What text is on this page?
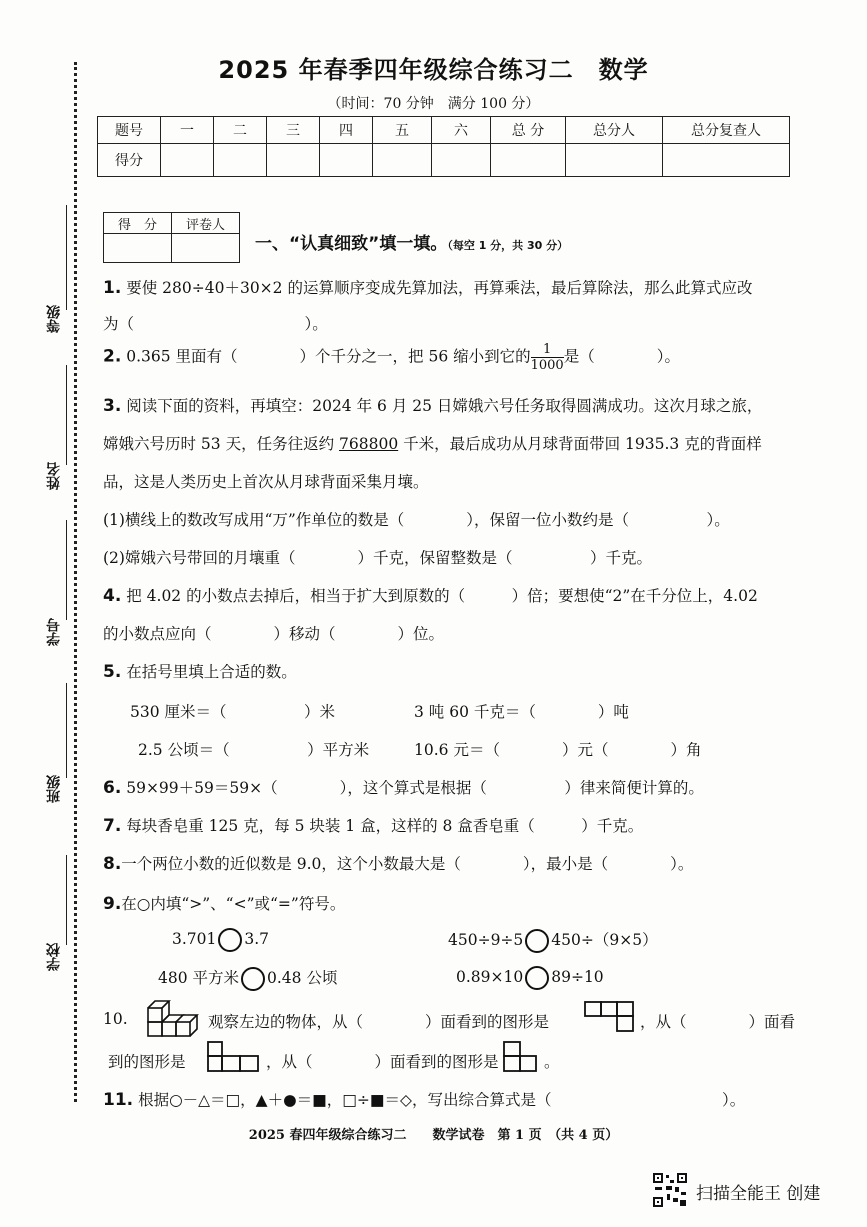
等级
姓名
学号
班级
学校
2025 年春季四年级综合练习二　数学
（时间：70 分钟　满分 100 分）
题号	一	二	三	四	五	六	总 分	总分人	总分复查人
得分									
得　分	评卷人

一、“认真细致”填一填。（每空 1 分，共 30 分）
1. 要使 280÷40＋30×2 的运算顺序变成先算加法，再算乘法，最后算除法，那么此算式应改
为（　　　　　　　　　　　）。
2. 0.365 里面有（　　　　）个千分之一，把 56 缩小到它的 $\frac{1}{1000}$ 是（　　　　）。
3. 阅读下面的资料，再填空：2024 年 6 月 25 日嫦娥六号任务取得圆满成功。这次月球之旅，
嫦娥六号历时 53 天，任务往返约 768800 千米，最后成功从月球背面带回 1935.3 克的背面样
品，这是人类历史上首次从月球背面采集月壤。
(1)横线上的数改写成用“万”作单位的数是（　　　　），保留一位小数约是（　　　　　）。
(2)嫦娥六号带回的月壤重（　　　　）千克，保留整数是（　　　　　）千克。
4. 把 4.02 的小数点去掉后，相当于扩大到原数的（　　　）倍；要想使“2”在千分位上，4.02
的小数点应向（　　　　）移动（　　　　）位。
5. 在括号里填上合适的数。
530 厘米＝（　　　　　）米	3 吨 60 千克＝（　　　　）吨
2.5 公顷＝（　　　　　）平方米	10.6 元＝（　　　　）元（　　　　）角
6. 59×99＋59＝59×（　　　　），这个算式是根据（　　　　　）律来简便计算的。
7. 每块香皂重 125 克，每 5 块装 1 盒，这样的 8 盒香皂重（　　　）千克。
8.一个两位小数的近似数是 9.0，这个小数最大是（　　　　），最小是（　　　　）。
9.在○内填“>”、“<”或“=”符号。
3.701 3.7	450÷9÷5 450÷（9×5）
480 平方米 0.48 公顷	0.89×10 89÷10
10.	观察左边的物体，从（　　　　）面看到的图形是	，从（　　　　）面看
到的图形是	，从（　　　　）面看到的图形是	。
11. 根据○－△＝□，▲＋●＝■，□÷■＝◇，写出综合算式是（　　　　　　　　　　　）。
2025 春四年级综合练习二　　数学试卷　第 1 页　（共 4 页）
扫描全能王 创建
